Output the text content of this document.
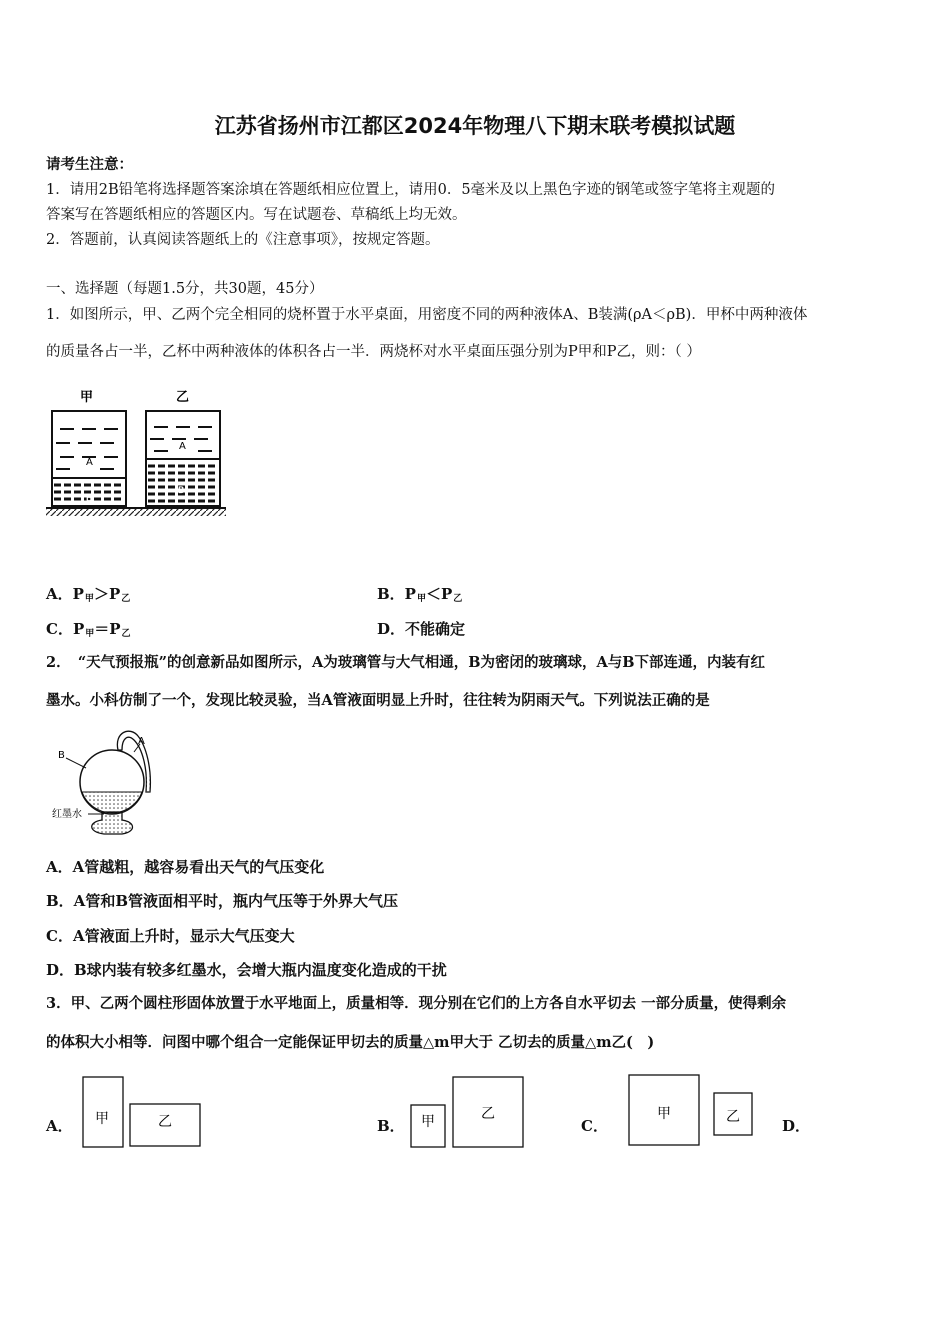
江苏省扬州市江都区2024年物理八下期末联考模拟试题
请考生注意：
1．请用2B铅笔将选择题答案涂填在答题纸相应位置上，请用0．5毫米及以上黑色字迹的钢笔或签字笔将主观题的
答案写在答题纸相应的答题区内。写在试题卷、草稿纸上均无效。
2．答题前，认真阅读答题纸上的《注意事项》，按规定答题。
一、选择题（每题1.5分，共30题，45分）
1．如图所示，甲、乙两个完全相同的烧杯置于水平桌面，用密度不同的两种液体A、B装满(ρA＜ρB)．甲杯中两种液体
的质量各占一半，乙杯中两种液体的体积各占一半．两烧杯对水平桌面压强分别为P甲和P乙，则：（ ）
甲	乙
A
B
A
B
A．$P_甲>P_乙$	B．$P_甲<P_乙$
C．$P_甲=P_乙$	D．不能确定
2．　“天气预报瓶”的创意新品如图所示，A为玻璃管与大气相通，B为密闭的玻璃球，A与B下部连通，内装有红
墨水。小科仿制了一个，发现比较灵验，当A管液面明显上升时，往往转为阴雨天气。下列说法正确的是
B
A
红墨水
A．A管越粗，越容易看出天气的气压变化
B．A管和B管液面相平时，瓶内气压等于外界大气压
C．A管液面上升时，显示大气压变大
D．B球内装有较多红墨水，会增大瓶内温度变化造成的干扰
3．甲、乙两个圆柱形固体放置于水平地面上，质量相等．现分别在它们的上方各自水平切去 一部分质量，使得剩余
的体积大小相等．问图中哪个组合一定能保证甲切去的质量△m甲大于 乙切去的质量△m乙(　)
A． 甲	乙	B． 甲	乙
C．
甲	乙	D．
